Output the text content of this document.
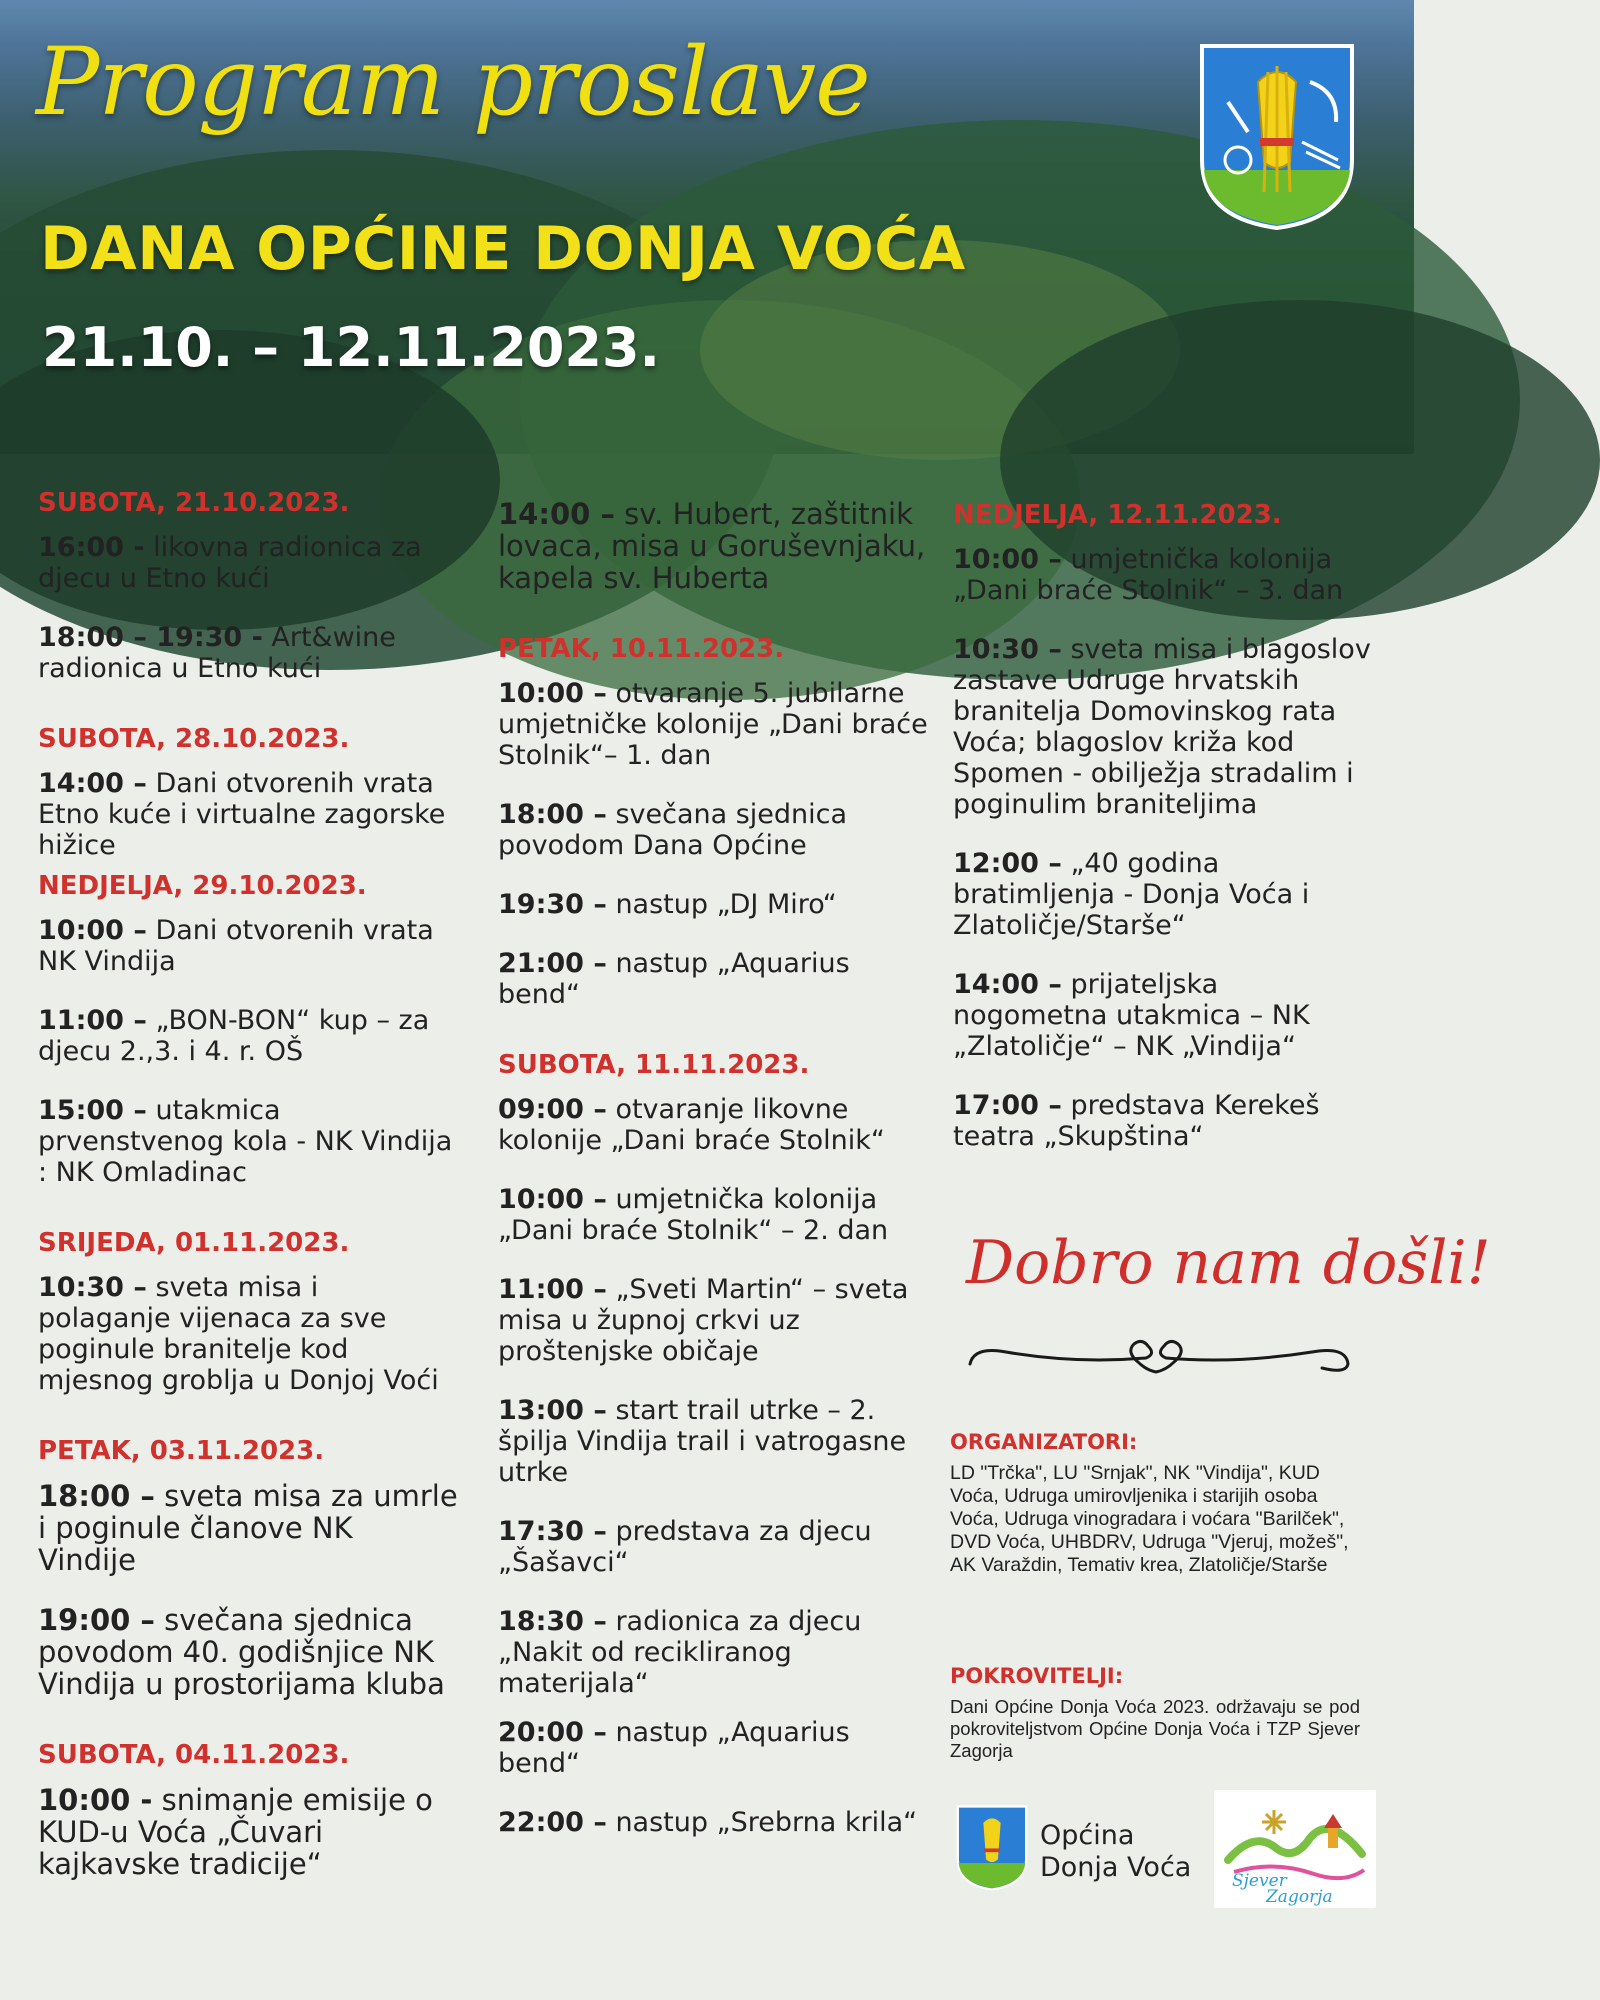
Program proslave
DANA OPĆINE DONJA VOĆA
21.10. – 12.11.2023.
SUBOTA, 21.10.2023.
16:00 - likovna radionica za djecu u Etno kući
18:00 – 19:30 - Art&wine radionica u Etno kući
SUBOTA, 28.10.2023.
14:00 – Dani otvorenih vrata Etno kuće i virtualne zagorske hižice
NEDJELJA, 29.10.2023.
10:00 – Dani otvorenih vrata NK Vindija
11:00 – „BON-BON“ kup – za djecu 2.,3. i 4. r. OŠ
15:00 – utakmica prvenstvenog kola - NK Vindija : NK Omladinac
SRIJEDA, 01.11.2023.
10:30 – sveta misa i polaganje vijenaca za sve poginule branitelje kod mjesnog groblja u Donjoj Voći
PETAK, 03.11.2023.
18:00 – sveta misa za umrle i poginule članove NK Vindije
19:00 – svečana sjednica povodom 40. godišnjice NK Vindija u prostorijama kluba
SUBOTA, 04.11.2023.
10:00 - snimanje emisije o KUD-u Voća „Čuvari kajkavske tradicije“
14:00 – sv. Hubert, zaštitnik lovaca, misa u Goruševnjaku, kapela sv. Huberta
PETAK, 10.11.2023.
10:00 – otvaranje 5. jubilarne umjetničke kolonije „Dani braće Stolnik“– 1. dan
18:00 – svečana sjednica povodom Dana Općine
19:30 – nastup „DJ Miro“
21:00 – nastup „Aquarius bend“
SUBOTA, 11.11.2023.
09:00 – otvaranje likovne kolonije „Dani braće Stolnik“
10:00 – umjetnička kolonija „Dani braće Stolnik“ – 2. dan
11:00 – „Sveti Martin“ – sveta misa u župnoj crkvi uz proštenjske običaje
13:00 – start trail utrke – 2. špilja Vindija trail i vatrogasne utrke
17:30 – predstava za djecu „Šašavci“
18:30 – radionica za djecu „Nakit od recikliranog materijala“
20:00 – nastup „Aquarius bend“
22:00 – nastup „Srebrna krila“
NEDJELJA, 12.11.2023.
10:00 – umjetnička kolonija „Dani braće Stolnik“ – 3. dan
10:30 – sveta misa i blagoslov zastave Udruge hrvatskih branitelja Domovinskog rata Voća; blagoslov križa kod Spomen - obilježja stradalim i poginulim braniteljima
12:00 – „40 godina bratimljenja - Donja Voća i Zlatoličje/Starše“
14:00 – prijateljska nogometna utakmica – NK „Zlatoličje“ – NK „Vindija“
17:00 – predstava Kerekeš teatra „Skupština“
Dobro nam došli!
ORGANIZATORI:
LD "Trčka", LU "Srnjak", NK "Vindija", KUD Voća, Udruga umirovljenika i starijih osoba Voća, Udruga vinogradara i voćara "Barilček", DVD Voća, UHBDRV, Udruga "Vjeruj, možeš", AK Varaždin, Temativ krea, Zlatoličje/Starše
POKROVITELJI:
Dani Općine Donja Voća 2023. održavaju se pod pokroviteljstvom Općine Donja Voća i TZP Sjever Zagorja
Općina
Donja Voća Sjever
Zagorja
